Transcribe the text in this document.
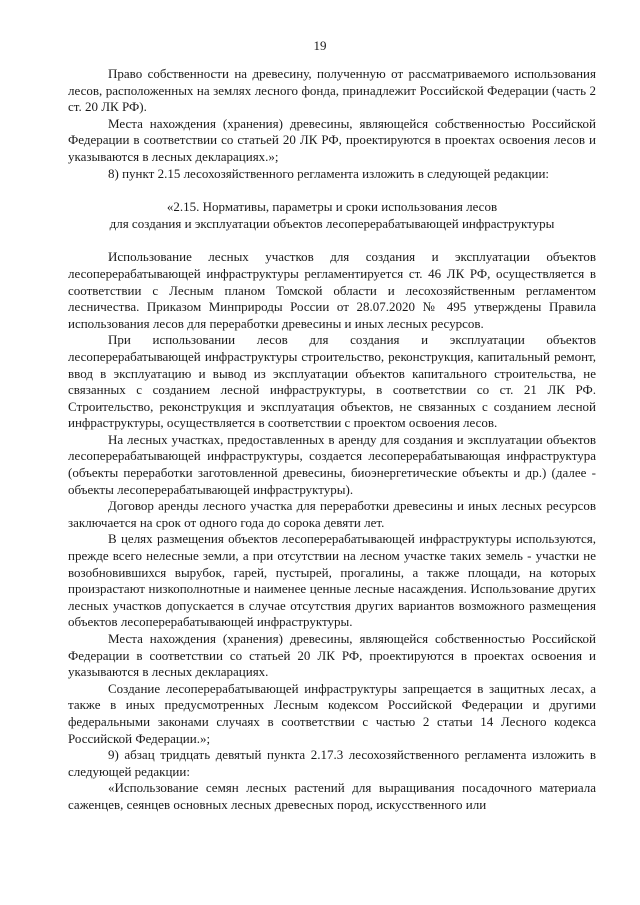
19

Право собственности на древесину, полученную от рассматриваемого использования лесов, расположенных на землях лесного фонда, принадлежит Российской Федерации (часть 2 ст. 20 ЛК РФ).

Места нахождения (хранения) древесины, являющейся собственностью Российской Федерации в соответствии со статьей 20 ЛК РФ, проектируются в проектах освоения лесов и указываются в лесных декларациях.»;

8) пункт 2.15 лесохозяйственного регламента изложить в следующей редакции:

«2.15. Нормативы, параметры и сроки использования лесов

для создания и эксплуатации объектов лесоперерабатывающей инфраструктуры

Использование лесных участков для создания и эксплуатации объектов лесоперерабатывающей инфраструктуры регламентируется ст. 46 ЛК РФ, осуществляется в соответствии с Лесным планом Томской области и лесохозяйственным регламентом лесничества. Приказом Минприроды России от 28.07.2020 № 495 утверждены Правила использования лесов для переработки древесины и иных лесных ресурсов.

При использовании лесов для создания и эксплуатации объектов лесоперерабатывающей инфраструктуры строительство, реконструкция, капитальный ремонт, ввод в эксплуатацию и вывод из эксплуатации объектов капитального строительства, не связанных с созданием лесной инфраструктуры, в соответствии со ст. 21 ЛК РФ. Строительство, реконструкция и эксплуатация объектов, не связанных с созданием лесной инфраструктуры, осуществляется в соответствии с проектом освоения лесов.

На лесных участках, предоставленных в аренду для создания и эксплуатации объектов лесоперерабатывающей инфраструктуры, создается лесоперерабатывающая инфраструктура (объекты переработки заготовленной древесины, биоэнергетические объекты и др.) (далее - объекты лесоперерабатывающей инфраструктуры).

Договор аренды лесного участка для переработки древесины и иных лесных ресурсов заключается на срок от одного года до сорока девяти лет.

В целях размещения объектов лесоперерабатывающей инфраструктуры используются, прежде всего нелесные земли, а при отсутствии на лесном участке таких земель - участки не возобновившихся вырубок, гарей, пустырей, прогалины, а также площади, на которых произрастают низкополнотные и наименее ценные лесные насаждения. Использование других лесных участков допускается в случае отсутствия других вариантов возможного размещения объектов лесоперерабатывающей инфраструктуры.

Места нахождения (хранения) древесины, являющейся собственностью Российской Федерации в соответствии со статьей 20 ЛК РФ, проектируются в проектах освоения и указываются в лесных декларациях.

Создание лесоперерабатывающей инфраструктуры запрещается в защитных лесах, а также в иных предусмотренных Лесным кодексом Российской Федерации и другими федеральными законами случаях в соответствии с частью 2 статьи 14 Лесного кодекса Российской Федерации.»;

9) абзац тридцать девятый пункта 2.17.3 лесохозяйственного регламента изложить в следующей редакции:

«Использование семян лесных растений для выращивания посадочного материала саженцев, сеянцев основных лесных древесных пород, искусственного или
